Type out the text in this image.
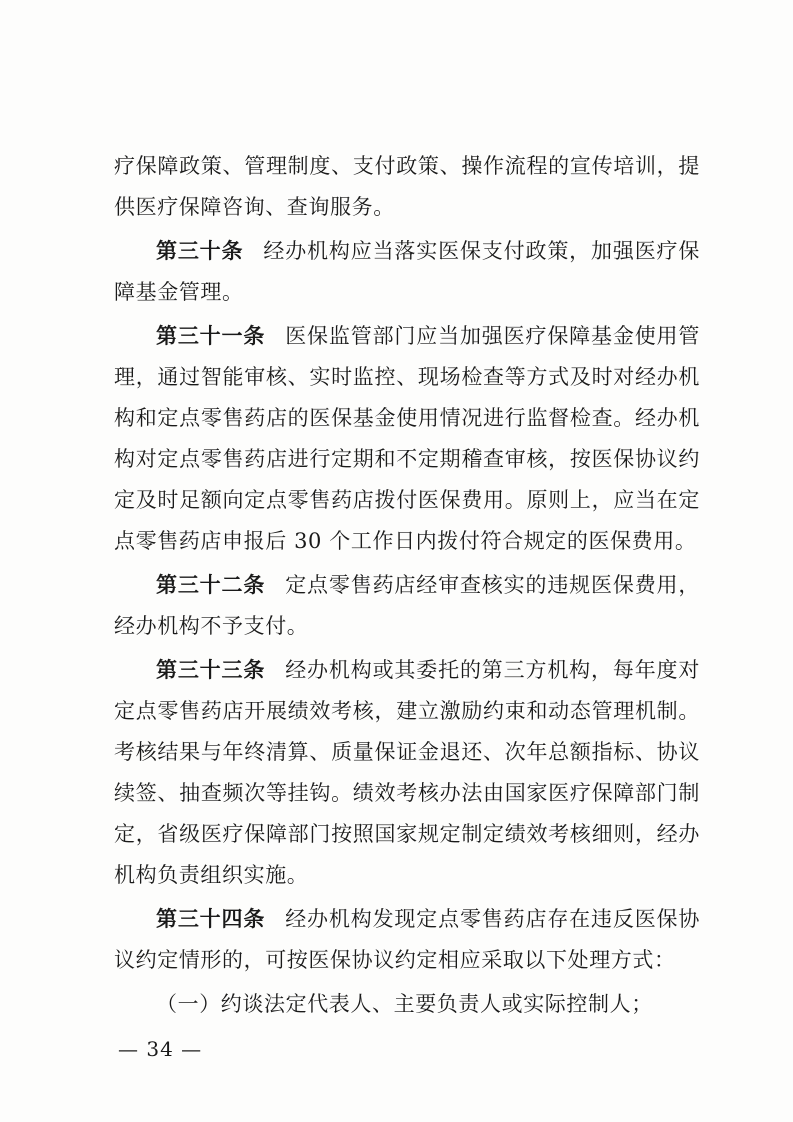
疗保障政策、管理制度、支付政策、操作流程的宣传培训，提供医疗保障咨询、查询服务。

第三十条 经办机构应当落实医保支付政策，加强医疗保障基金管理。

第三十一条 医保监管部门应当加强医疗保障基金使用管理，通过智能审核、实时监控、现场检查等方式及时对经办机构和定点零售药店的医保基金使用情况进行监督检查。经办机构对定点零售药店进行定期和不定期稽查审核，按医保协议约定及时足额向定点零售药店拨付医保费用。原则上，应当在定点零售药店申报后 30 个工作日内拨付符合规定的医保费用。

第三十二条 定点零售药店经审查核实的违规医保费用，经办机构不予支付。

第三十三条 经办机构或其委托的第三方机构，每年度对定点零售药店开展绩效考核，建立激励约束和动态管理机制。考核结果与年终清算、质量保证金退还、次年总额指标、协议续签、抽查频次等挂钩。绩效考核办法由国家医疗保障部门制定，省级医疗保障部门按照国家规定制定绩效考核细则，经办机构负责组织实施。

第三十四条 经办机构发现定点零售药店存在违反医保协议约定情形的，可按医保协议约定相应采取以下处理方式：

（一）约谈法定代表人、主要负责人或实际控制人；

— 34 —
